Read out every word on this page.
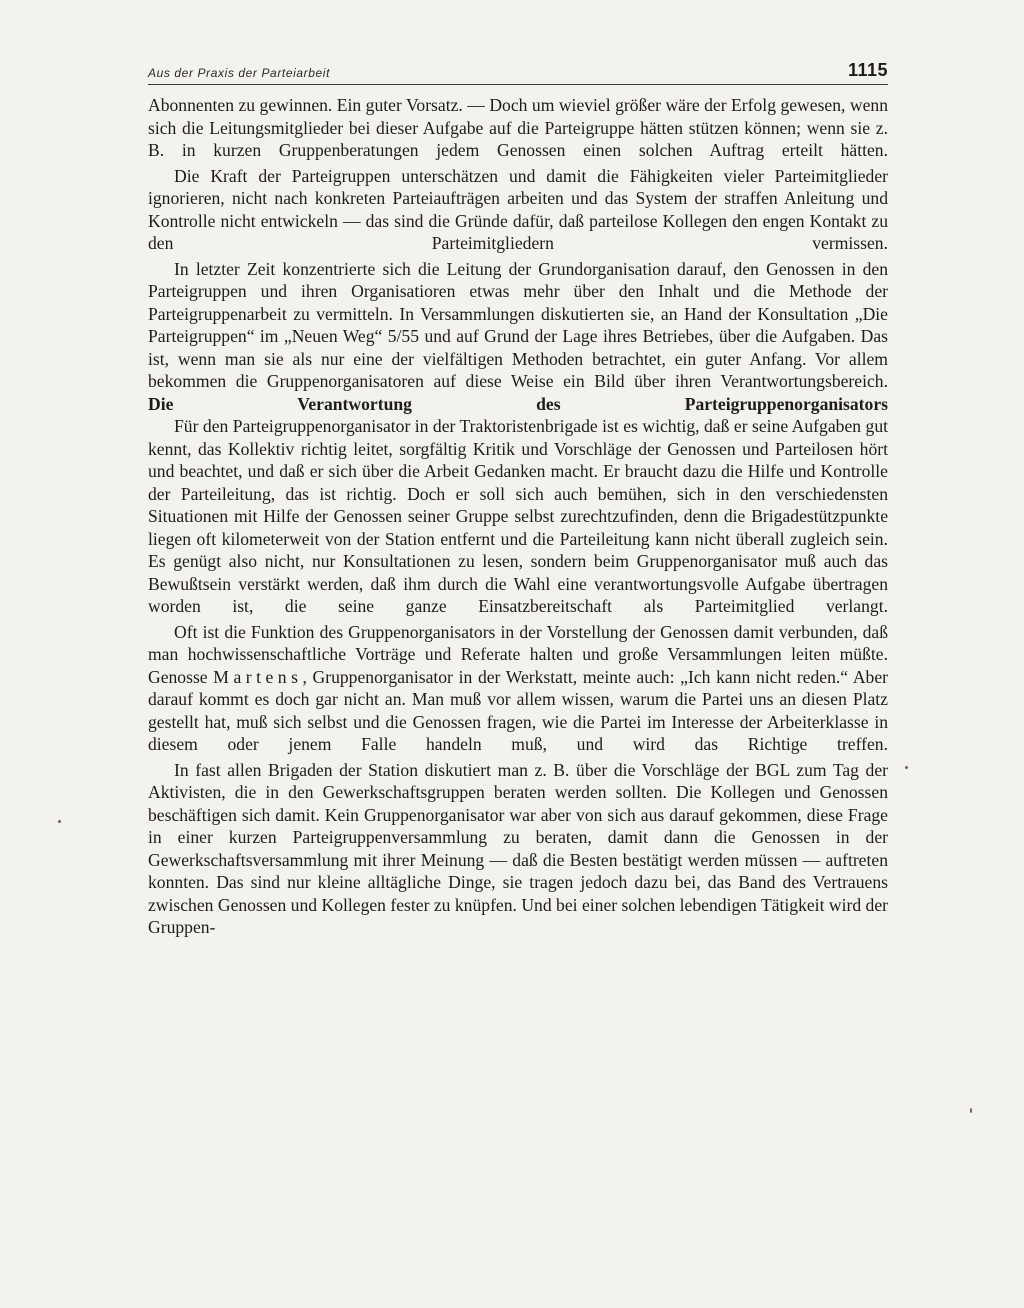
Aus der Praxis der Parteiarbeit	1115

Abonnenten zu gewinnen. Ein guter Vorsatz. — Doch um wieviel größer wäre der Erfolg gewesen, wenn sich die Leitungsmitglieder bei dieser Aufgabe auf die Parteigruppe hätten stützen können; wenn sie z. B. in kurzen Gruppenberatungen jedem Genossen einen solchen Auftrag erteilt hätten.

Die Kraft der Parteigruppen unterschätzen und damit die Fähigkeiten vieler Parteimitglieder ignorieren, nicht nach konkreten Parteiaufträgen arbeiten und das System der straffen Anleitung und Kontrolle nicht entwickeln — das sind die Gründe dafür, daß parteilose Kollegen den engen Kontakt zu den Parteimitgliedern vermissen.

In letzter Zeit konzentrierte sich die Leitung der Grundorganisation darauf, den Genossen in den Parteigruppen und ihren Organisatioren etwas mehr über den Inhalt und die Methode der Parteigruppenarbeit zu vermitteln. In Versammlungen diskutierten sie, an Hand der Konsultation „Die Parteigruppen“ im „Neuen Weg“ 5/55 und auf Grund der Lage ihres Betriebes, über die Aufgaben. Das ist, wenn man sie als nur eine der vielfältigen Methoden betrachtet, ein guter Anfang. Vor allem bekommen die Gruppenorganisatoren auf diese Weise ein Bild über ihren Verantwortungsbereich.

Die Verantwortung des Parteigruppenorganisators

Für den Parteigruppenorganisator in der Traktoristenbrigade ist es wichtig, daß er seine Aufgaben gut kennt, das Kollektiv richtig leitet, sorgfältig Kritik und Vorschläge der Genossen und Parteilosen hört und beachtet, und daß er sich über die Arbeit Gedanken macht. Er braucht dazu die Hilfe und Kontrolle der Parteileitung, das ist richtig. Doch er soll sich auch bemühen, sich in den verschiedensten Situationen mit Hilfe der Genossen seiner Gruppe selbst zurechtzufinden, denn die Brigadestützpunkte liegen oft kilometerweit von der Station entfernt und die Parteileitung kann nicht überall zugleich sein. Es genügt also nicht, nur Konsultationen zu lesen, sondern beim Gruppenorganisator muß auch das Bewußtsein verstärkt werden, daß ihm durch die Wahl eine verantwortungsvolle Aufgabe übertragen worden ist, die seine ganze Einsatzbereitschaft als Parteimitglied verlangt.

Oft ist die Funktion des Gruppenorganisators in der Vorstellung der Genossen damit verbunden, daß man hochwissenschaftliche Vorträge und Referate halten und große Versammlungen leiten müßte. Genosse Martens, Gruppenorganisator in der Werkstatt, meinte auch: „Ich kann nicht reden.“ Aber darauf kommt es doch gar nicht an. Man muß vor allem wissen, warum die Partei uns an diesen Platz gestellt hat, muß sich selbst und die Genossen fragen, wie die Partei im Interesse der Arbeiterklasse in diesem oder jenem Falle handeln muß, und wird das Richtige treffen.

In fast allen Brigaden der Station diskutiert man z. B. über die Vorschläge der BGL zum Tag der Aktivisten, die in den Gewerkschaftsgruppen beraten werden sollten. Die Kollegen und Genossen beschäftigen sich damit. Kein Gruppenorganisator war aber von sich aus darauf gekommen, diese Frage in einer kurzen Parteigruppenversammlung zu beraten, damit dann die Genossen in der Gewerkschaftsversammlung mit ihrer Meinung — daß die Besten bestätigt werden müssen — auftreten konnten. Das sind nur kleine alltägliche Dinge, sie tragen jedoch dazu bei, das Band des Vertrauens zwischen Genossen und Kollegen fester zu knüpfen. Und bei einer solchen lebendigen Tätigkeit wird der Gruppen-
